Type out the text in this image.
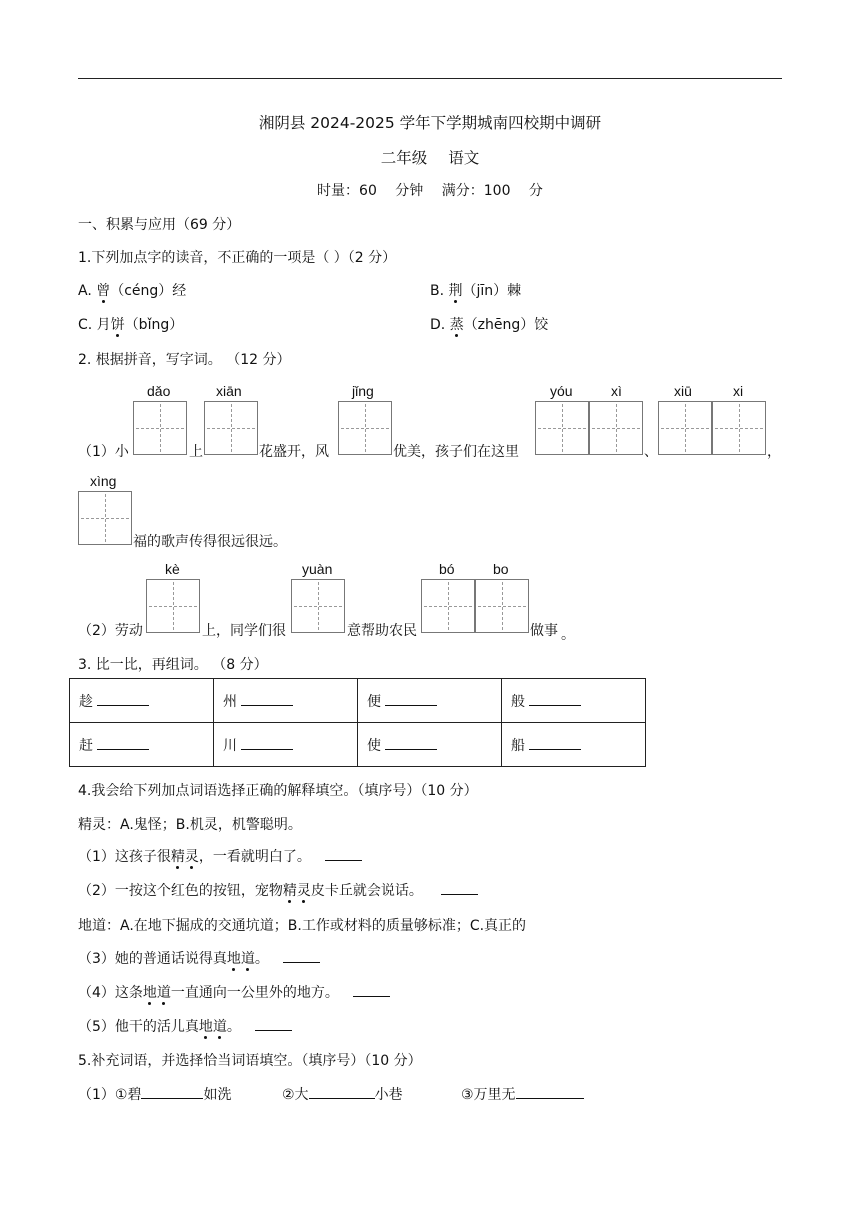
湘阴县 2024-2025 学年下学期城南四校期中调研
二年级 语文
时量：60 分钟 满分：100 分
一、积累与应用（69 分）
1.下列加点字的读音，不正确的一项是（ ）（2 分）
A. 曾（céng）经	B. 荆（jīn）棘
C. 月饼（bǐng）	D. 蒸（zhēng）饺
2. 根据拼音，写字词。 （12 分）
dǎo	xiān	jǐng	yóu	xì	xiū	xi
（1）小	上	花盛开，风	优美，孩子们在这里	、	，
xìng
福的歌声传得很远很远。
kè	yuàn	bó	bo
（2）劳动	上，同学们很	意帮助农民	做事 。
3. 比一比，再组词。 （8 分）
趁	州	便	般
赶	川	使	船
4.我会给下列加点词语选择正确的解释填空。（填序号）（10 分）
精灵：A.鬼怪；B.机灵，机警聪明。
（1）这孩子很精灵，一看就明白了。
（2）一按这个红色的按钮，宠物精灵皮卡丘就会说话。
地道：A.在地下掘成的交通坑道；B.工作或材料的质量够标准；C.真正的
（3）她的普通话说得真地道。
（4）这条地道一直通向一公里外的地方。
（5）他干的活儿真地道。
5.补充词语，并选择恰当词语填空。（填序号）（10 分）
（1）①碧	如洗	②大	小巷	③万里无
